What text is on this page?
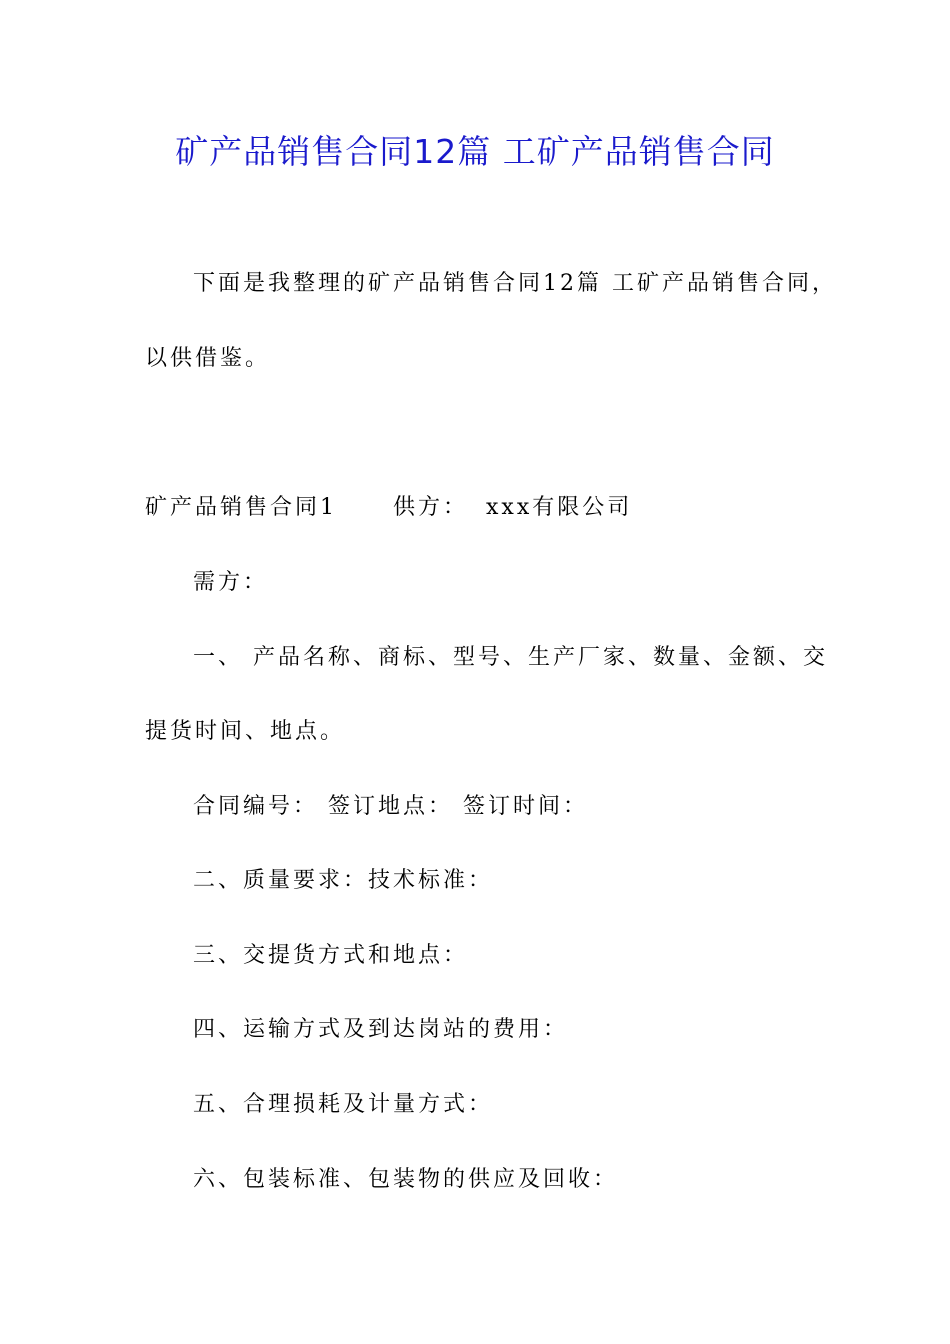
矿产品销售合同12篇 工矿产品销售合同
下面是我整理的矿产品销售合同12篇 工矿产品销售合同，
以供借鉴。
矿产品销售合同1	供方： xxx有限公司
需方：
一、 产品名称、商标、型号、生产厂家、数量、金额、交
提货时间、地点。
合同编号： 签订地点： 签订时间：
二、质量要求：技术标准：
三、交提货方式和地点：
四、运输方式及到达岗站的费用：
五、合理损耗及计量方式：
六、包装标准、包装物的供应及回收：
